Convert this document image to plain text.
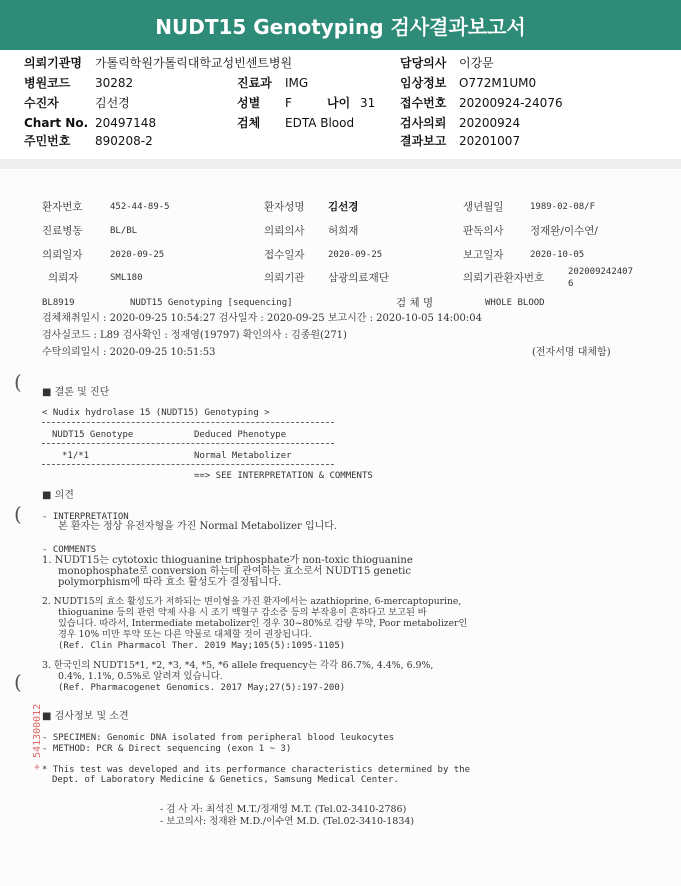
NUDT15 Genotyping 검사결과보고서
의뢰기관명 가톨릭학원가톨릭대학교성빈센트병원	담당의사 이강문
병원코드 30282	진료과 IMG	임상정보 O772M1UM0
수진자	김선경	성별 F	나이 31 접수번호 20200924-24076
Chart No. 20497148	검체 EDTA Blood	검사의뢰 20200924
주민번호 890208-2	결과보고 20201007
환자번호	452-44-89-5	환자성명 김선경	생년월일	1989-02-08/F
진료병동	BL/BL	의뢰의사 허희재	판독의사	정재완/이수연/
의뢰일자	2020-09-25	접수일자	2020-09-25	보고일자	2020-10-05
의뢰자	SML180	의뢰기관 삼광의료재단	의뢰기관환자번호	202009242407
6
BL8919	NUDT15 Genotyping [sequencing]	검 체 명	WHOLE BLOOD
검체채취일시 : 2020-09-25 10:54:27 검사일자 : 2020-09-25 보고시간 : 2020-10-05 14:00:04
검사실코드 : L89 검사확인 : 정재영(19797) 확인의사 : 김종원(271)
수탁의뢰일시 : 2020-09-25 10:51:53	(전자서명 대체함)
(
(
(
■ 결론 및 진단
< Nudix hydrolase 15 (NUDT15) Genotyping >
NUDT15 Genotype	Deduced Phenotype
*1/*1	Normal Metabolizer
==> SEE INTERPRETATION & COMMENTS
■ 의견
- INTERPRETATION
본 환자는 정상 유전자형을 가진 Normal Metabolizer 입니다.
- COMMENTS
1. NUDT15는 cytotoxic thioguanine triphosphate가 non-toxic thioguanine
monophosphate로 conversion 하는데 관여하는 효소로서 NUDT15 genetic
polymorphism에 따라 효소 활성도가 결정됩니다.
2. NUDT15의 효소 활성도가 저하되는 변이형을 가진 환자에서는 azathioprine, 6-mercaptopurine,
thioguanine 등의 관련 약제 사용 시 조기 백혈구 감소증 등의 부작용이 흔하다고 보고된 바
있습니다. 따라서, Intermediate metabolizer인 경우 30~80%로 감량 투약, Poor metabolizer인
경우 10% 미만 투약 또는 다른 약물로 대체할 것이 권장됩니다.
(Ref. Clin Pharmacol Ther. 2019 May;105(5):1095-1105)
3. 한국인의 NUDT15*1, *2, *3, *4, *5, *6 allele frequency는 각각 86.7%, 4.4%, 6.9%,
0.4%, 1.1%, 0.5%로 알려져 있습니다.
(Ref. Pharmacogenet Genomics. 2017 May;27(5):197-200)
■ 검사정보 및 소견
- SPECIMEN: Genomic DNA isolated from peripheral blood leukocytes
- METHOD: PCR & Direct sequencing (exon 1 ~ 3)
* This test was developed and its performance characteristics determined by the
Dept. of Laboratory Medicine & Genetics, Samsung Medical Center.
- 검 사 자: 최석진 M.T./정재영 M.T. (Tel.02-3410-2786)
- 보고의사: 정재완 M.D./이수연 M.D. (Tel.02-3410-1834)
+ 541300012
